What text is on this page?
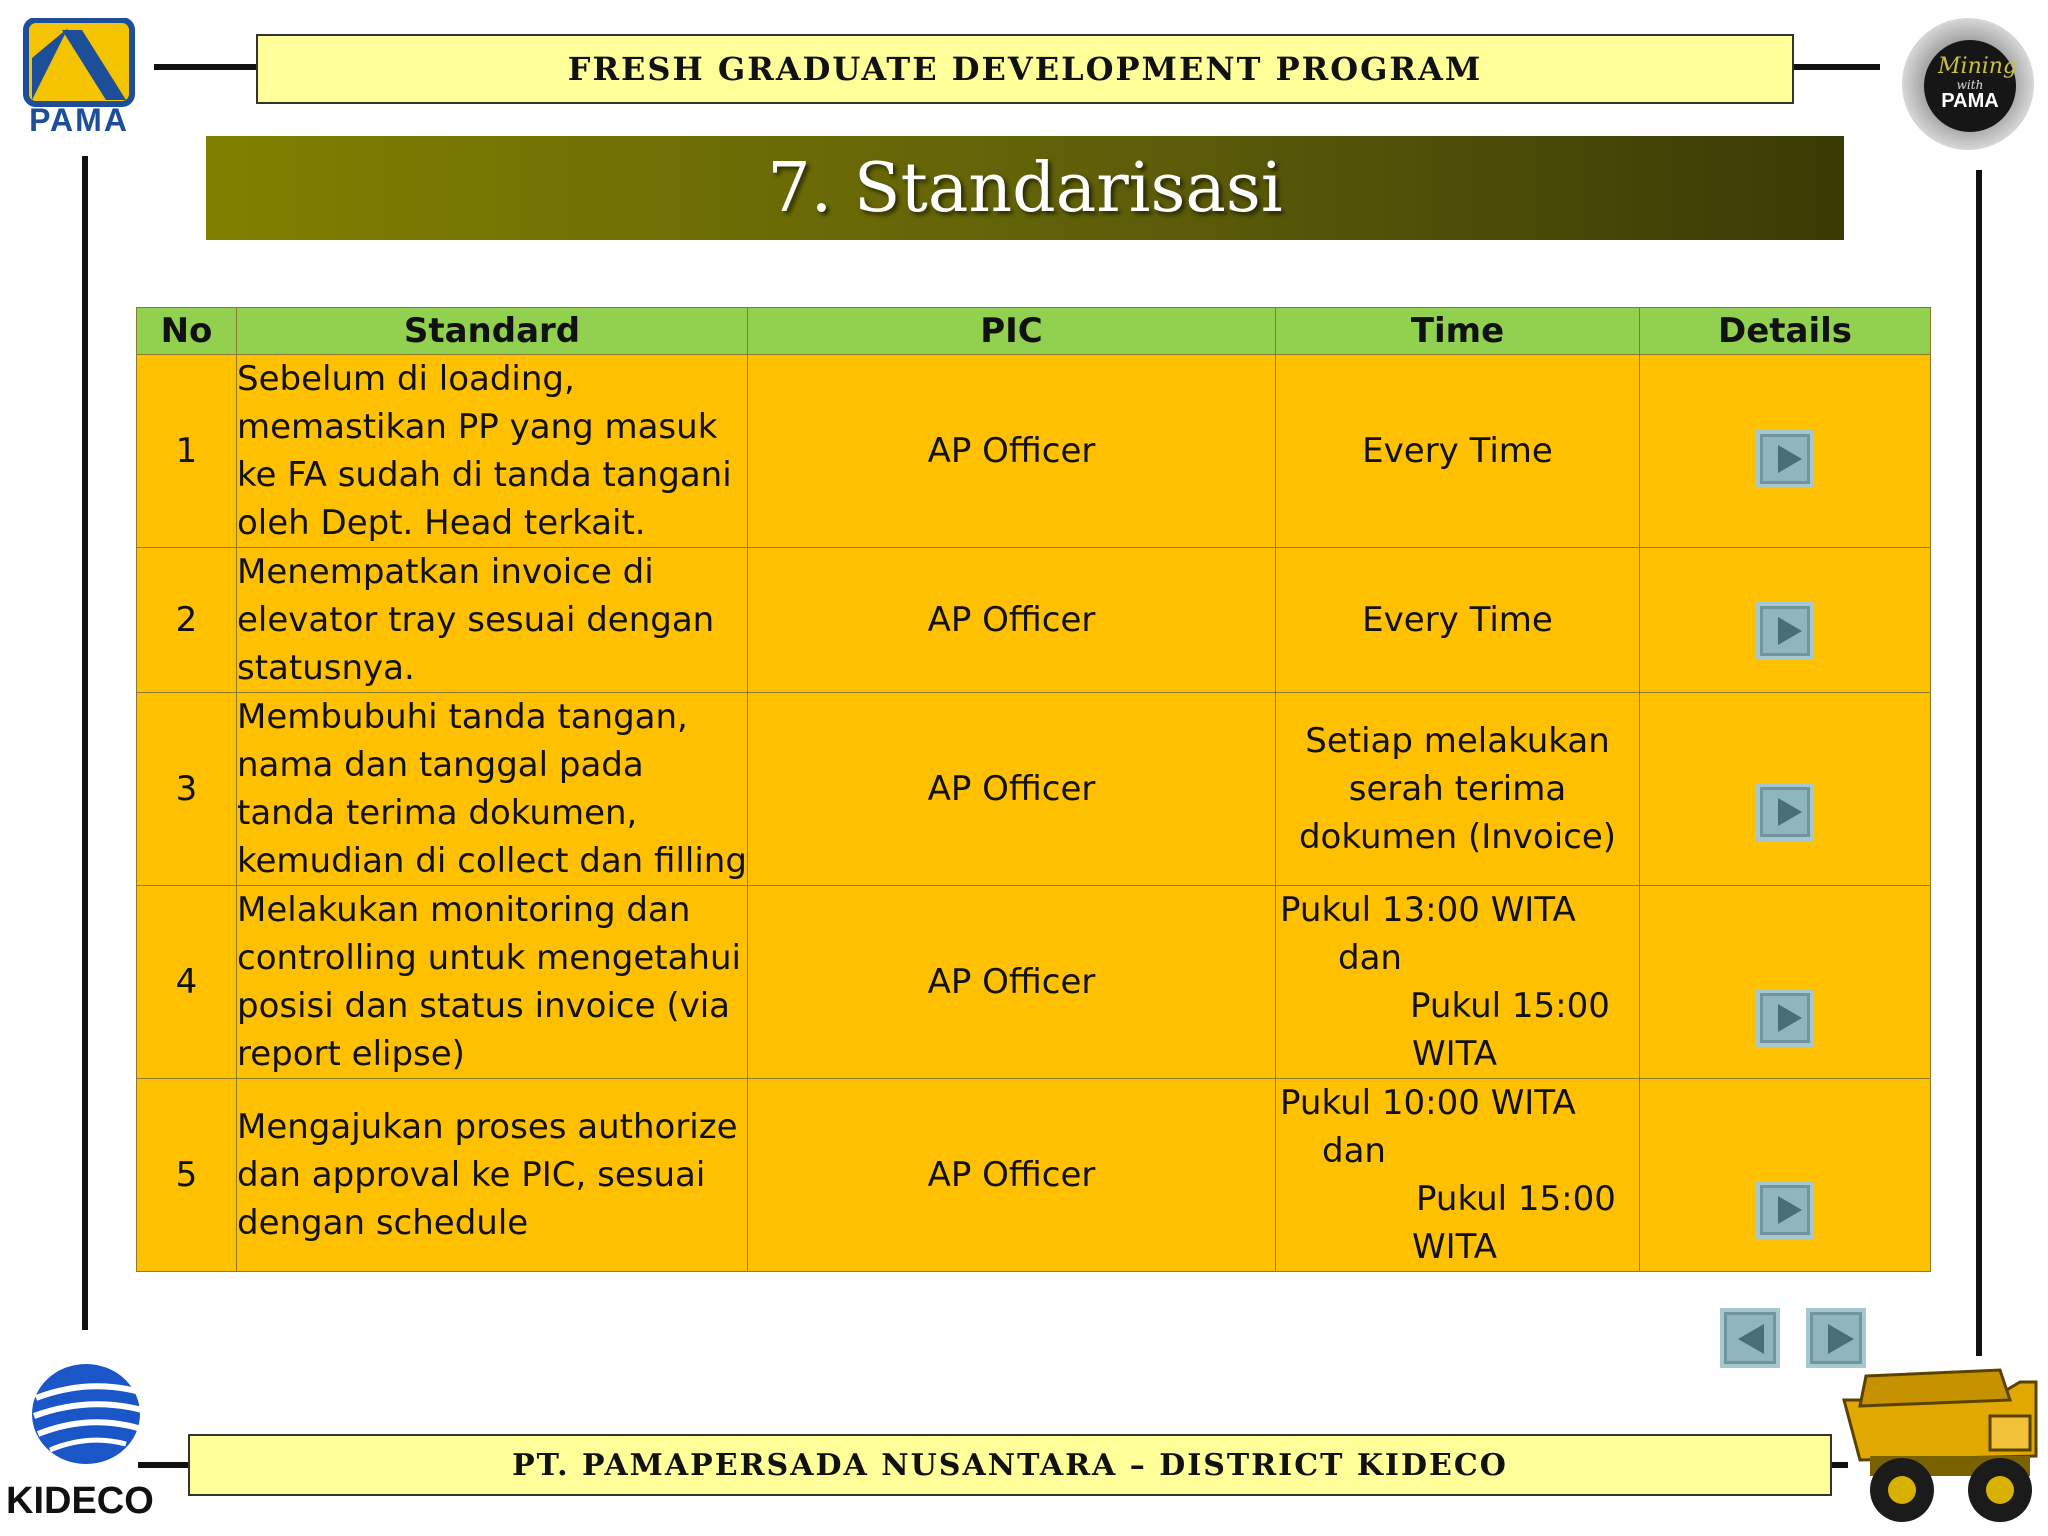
PAMA
Mining
with
PAMA
FRESH GRADUATE DEVELOPMENT PROGRAM
7. Standarisasi
No	Standard	PIC	Time	Details
1	Sebelum di loading, memastikan PP yang masuk ke FA sudah di tanda tangani oleh Dept. Head terkait.	AP Officer	Every Time	

2	Menempatkan invoice di elevator tray sesuai dengan statusnya.	AP Officer	Every Time	

3	Membubuhi tanda tangan, nama dan tanggal pada tanda terima dokumen, kemudian di collect dan filling	AP Officer	Setiap melakukan
serah terima
dokumen (Invoice)	

4	Melakukan monitoring dan controlling untuk mengetahui posisi dan status invoice (via report elipse)	AP Officer	Pukul 13:00 WITA
dan
Pukul 15:00
WITA	

5	Mengajukan proses authorize dan approval ke PIC, sesuai dengan schedule	AP Officer	Pukul 10:00 WITA
dan
Pukul 15:00
WITA	

KIDECO
PT. PAMAPERSADA NUSANTARA – DISTRICT KIDECO
